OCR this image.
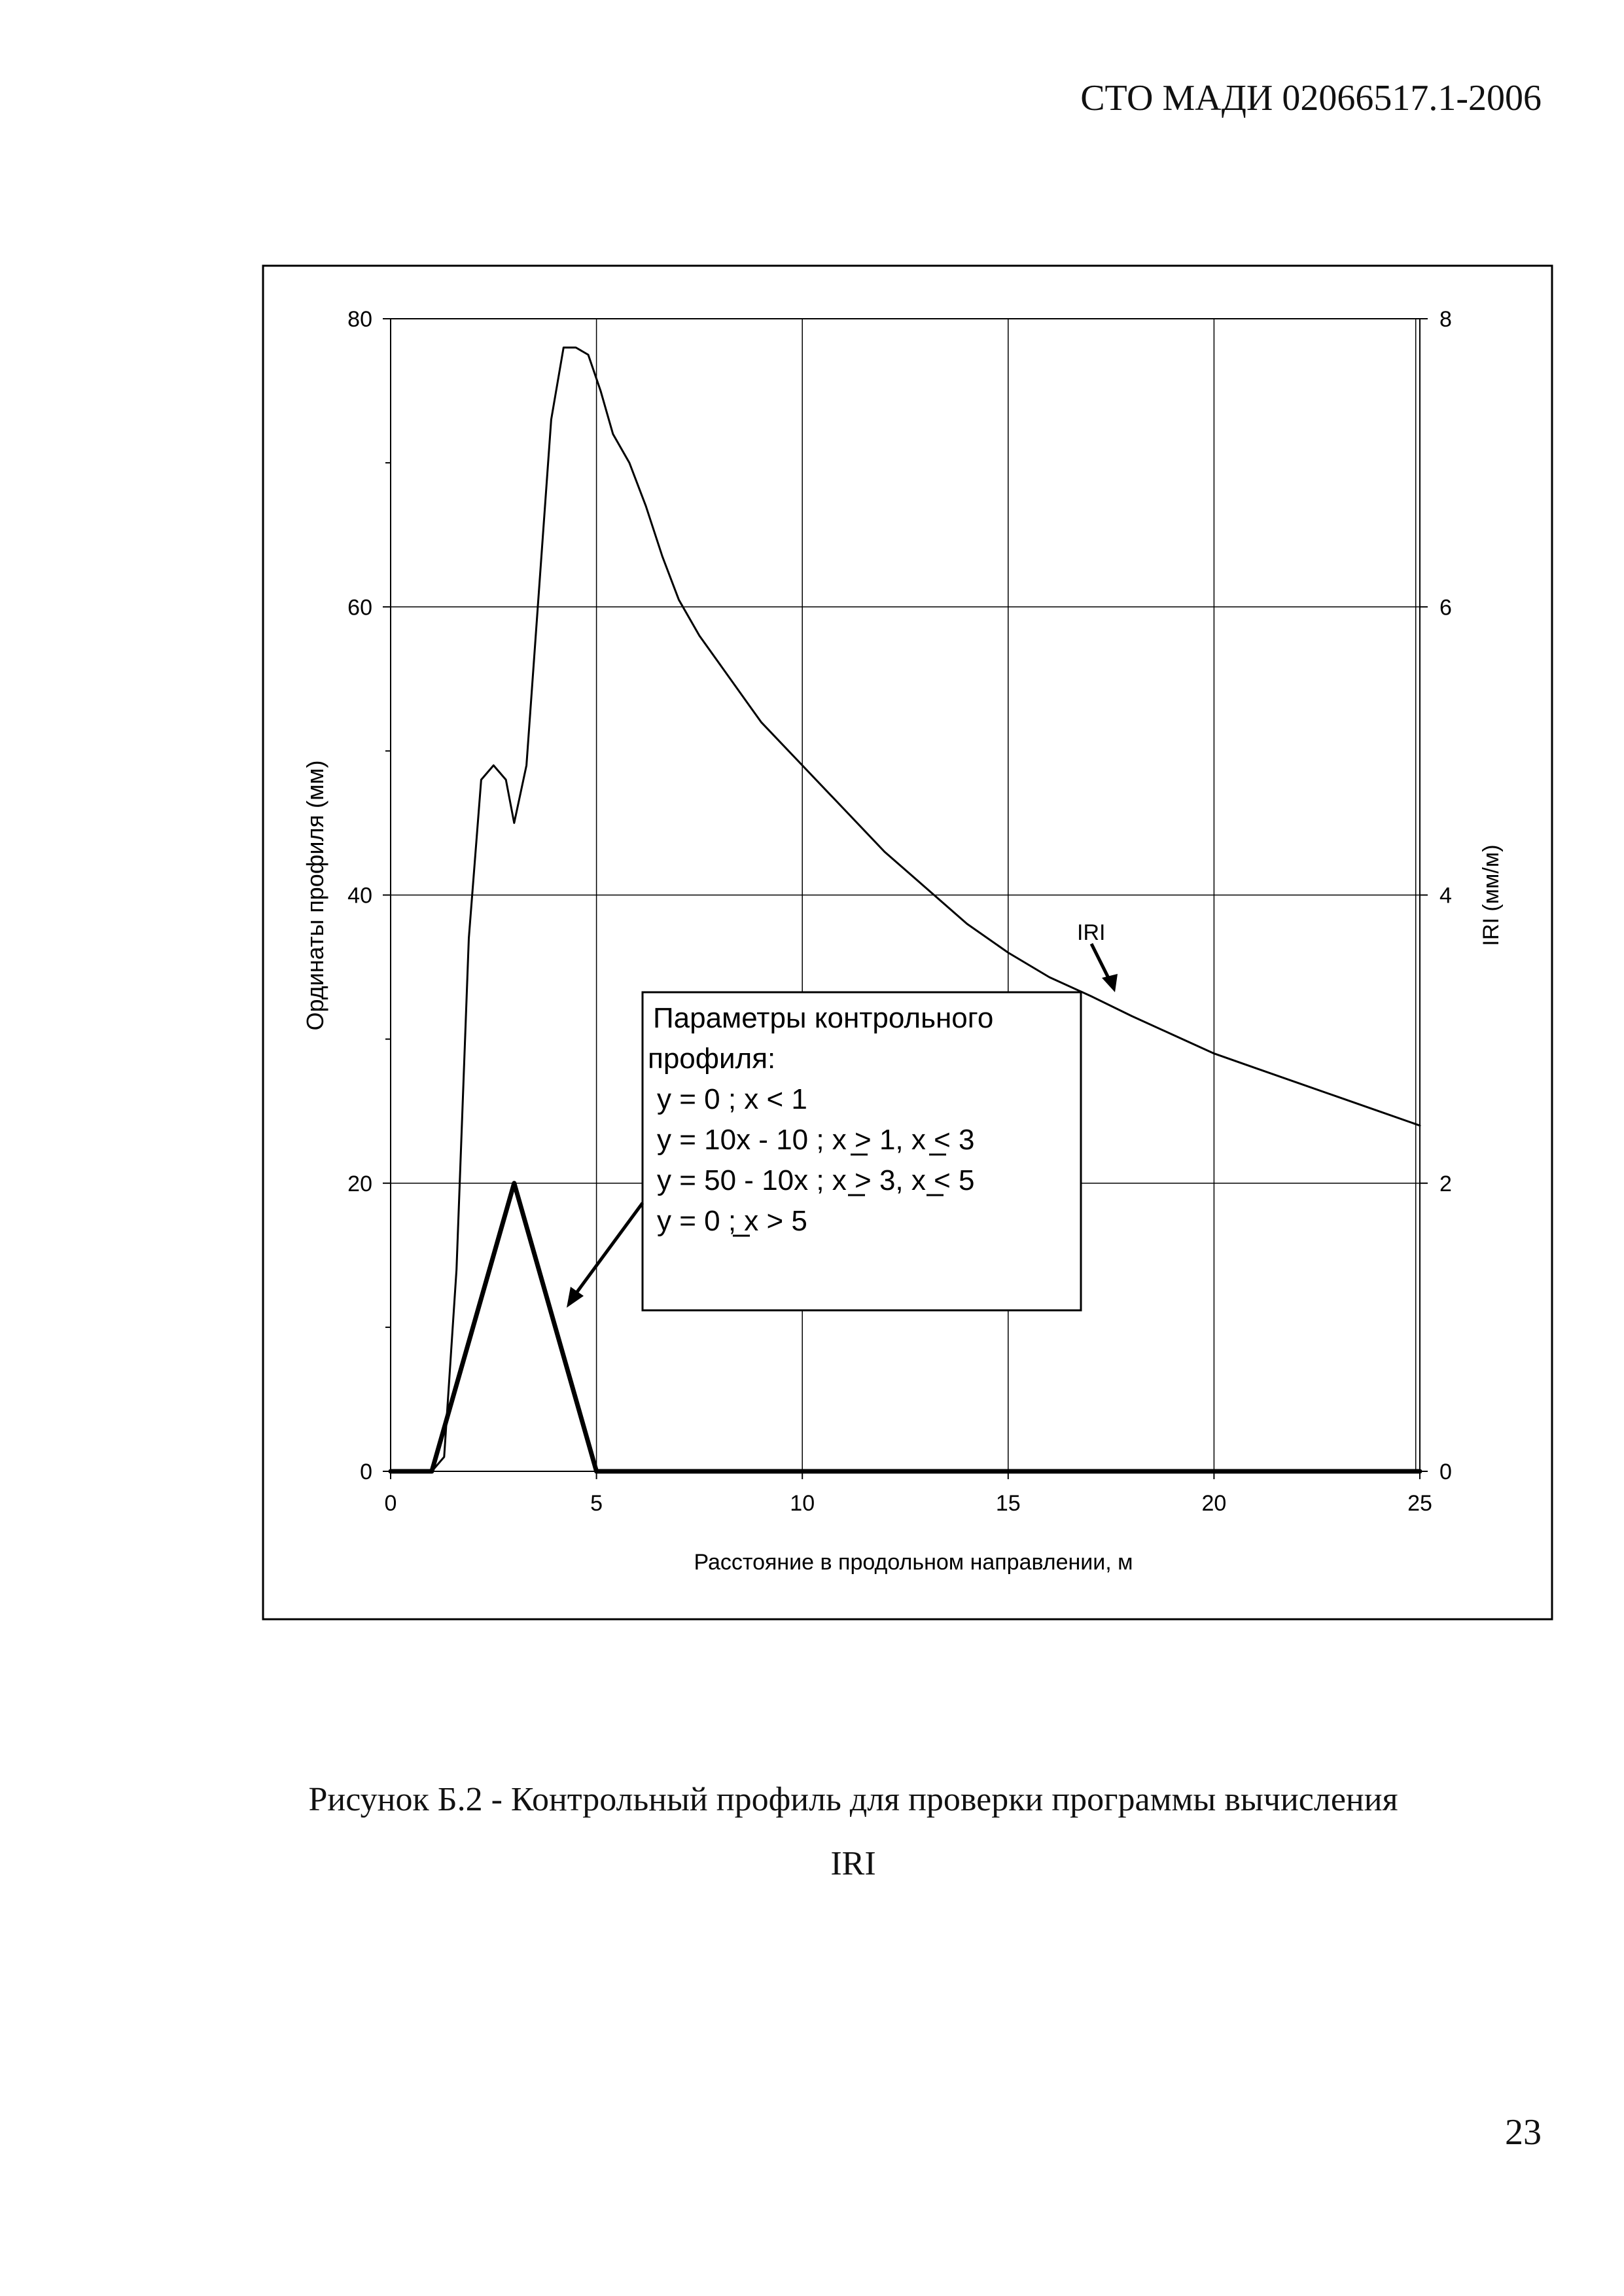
СТО МАДИ 02066517.1-2006
0	5	10	15	20	25
0
20
40
60
80
0
2
4
6
8
Расстояние в продольном направлении, м
Ординаты профиля (мм)	IRI (мм/м)
IRI
Параметры контрольного
профиля:
y = 0 ; x < 1
y = 10x - 10 ; x > 1, x < 3
y = 50 - 10x ; x > 3, x < 5
y = 0 ; x > 5
Рисунок Б.2 - Контрольный профиль для проверки программы вычисления
IRI
23
